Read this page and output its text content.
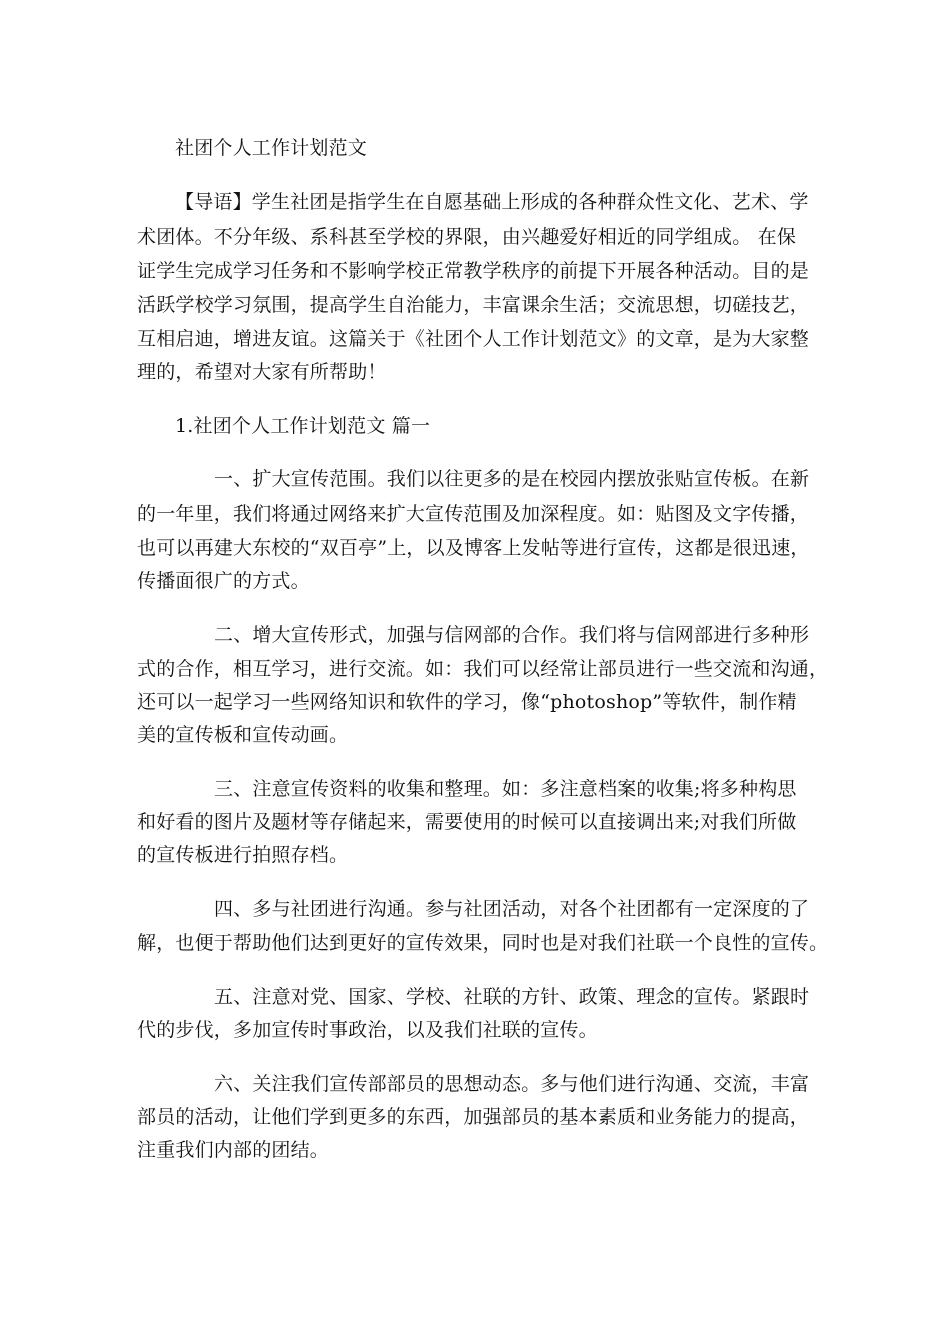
社团个人工作计划范文
【导语】学生社团是指学生在自愿基础上形成的各种群众性文化、艺术、学
术团体。不分年级、系科甚至学校的界限，由兴趣爱好相近的同学组成。 在保
证学生完成学习任务和不影响学校正常教学秩序的前提下开展各种活动。目的是
活跃学校学习氛围，提高学生自治能力，丰富课余生活；交流思想，切磋技艺，
互相启迪，增进友谊。这篇关于《社团个人工作计划范文》的文章，是为大家整
理的，希望对大家有所帮助！
1.社团个人工作计划范文 篇一
一、扩大宣传范围。我们以往更多的是在校园内摆放张贴宣传板。在新
的一年里，我们将通过网络来扩大宣传范围及加深程度。如：贴图及文字传播，
也可以再建大东校的“双百亭”上，以及博客上发帖等进行宣传，这都是很迅速，
传播面很广的方式。
二、增大宣传形式，加强与信网部的合作。我们将与信网部进行多种形
式的合作，相互学习，进行交流。如：我们可以经常让部员进行一些交流和沟通，
还可以一起学习一些网络知识和软件的学习，像“photoshop”等软件，制作精
美的宣传板和宣传动画。
三、注意宣传资料的收集和整理。如：多注意档案的收集;将多种构思
和好看的图片及题材等存储起来，需要使用的时候可以直接调出来;对我们所做
的宣传板进行拍照存档。
四、多与社团进行沟通。参与社团活动，对各个社团都有一定深度的了
解，也便于帮助他们达到更好的宣传效果，同时也是对我们社联一个良性的宣传。
五、注意对党、国家、学校、社联的方针、政策、理念的宣传。紧跟时
代的步伐，多加宣传时事政治，以及我们社联的宣传。
六、关注我们宣传部部员的思想动态。多与他们进行沟通、交流，丰富
部员的活动，让他们学到更多的东西，加强部员的基本素质和业务能力的提高，
注重我们内部的团结。
